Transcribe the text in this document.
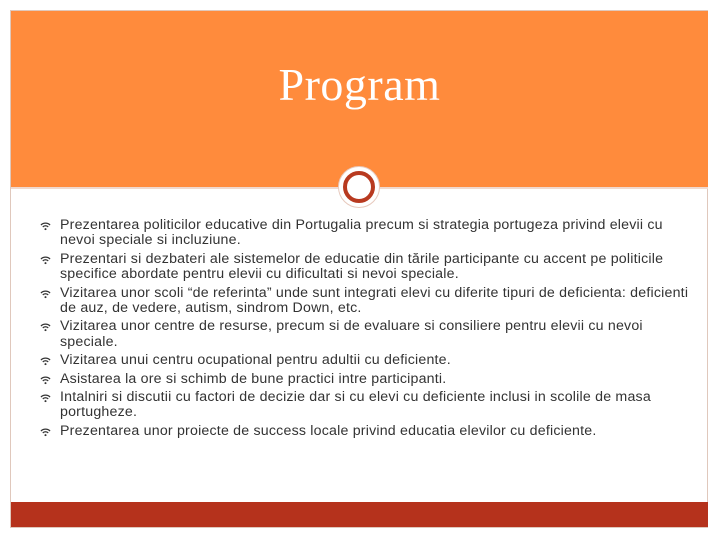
Program
Prezentarea politicilor educative din Portugalia precum si strategia portugeza privind elevii cu nevoi speciale si incluziune.
Prezentari si dezbateri ale sistemelor de educatie din tările participante cu accent pe politicile specifice abordate pentru elevii cu dificultati si nevoi speciale.
Vizitarea unor scoli “de referinta” unde sunt integrati elevi cu diferite tipuri de deficienta: deficienti de auz, de vedere, autism, sindrom Down, etc.
Vizitarea unor centre de resurse, precum si de evaluare si consiliere pentru elevii cu nevoi speciale.
Vizitarea unui centru ocupational pentru adultii cu deficiente.
Asistarea la ore si schimb de bune practici intre participanti.
Intalniri si discutii cu factori de decizie dar si cu elevi cu deficiente inclusi in scolile de masa portugheze.
Prezentarea unor proiecte de success locale privind educatia elevilor cu deficiente.
